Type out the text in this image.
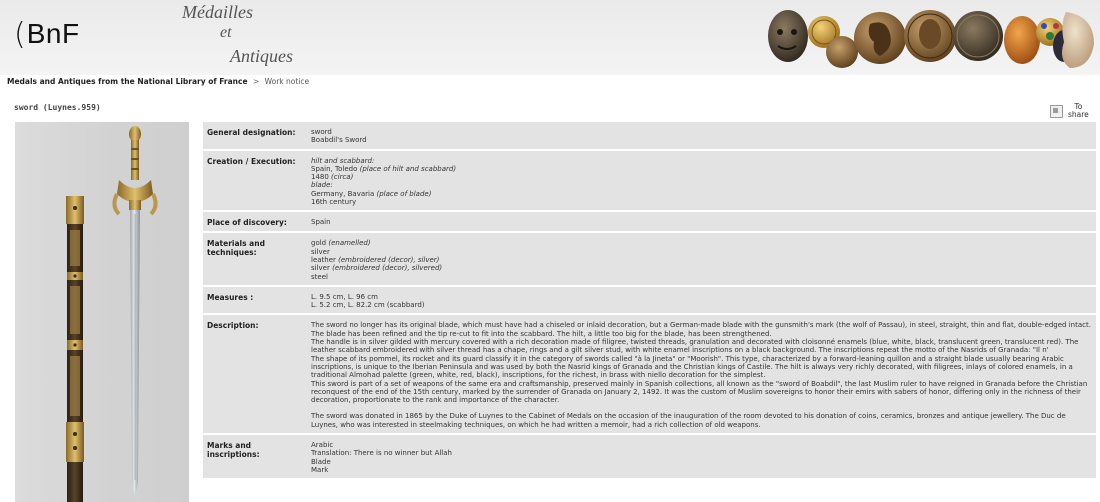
( BnF
Médailles
et
Antiques
Medals and Antiques from the National Library of France > Work notice
sword (Luynes.959)	To
share
General designation:	sword

Boabdil's Sword

Creation / Execution:	hilt and scabbard:

Spain, Toledo (place of hilt and scabbard)

1480 (circa)

blade:

Germany, Bavaria (place of blade)

16th century

Place of discovery:	Spain

Materials and techniques:

gold (enamelled)

silver

leather (embroidered (decor), silver)

silver (embroidered (decor), silvered)

steel

Measures :	L. 9.5 cm, L. 96 cm

L. 5.2 cm, L. 82.2 cm (scabbard)

Description:	The sword no longer has its original blade, which must have had a chiseled or inlaid decoration, but a German-made blade with the gunsmith's mark (the wolf of Passau), in steel, straight, thin and flat, double-edged intact. The blade has been refined and the tip re-cut to fit into the scabbard. The hilt, a little too big for the blade, has been strengthened.

The handle is in silver gilded with mercury covered with a rich decoration made of filigree, twisted threads, granulation and decorated with cloisonné enamels (blue, white, black, translucent green, translucent red). The leather scabbard embroidered with silver thread has a chape, rings and a gilt silver stud, with white enamel inscriptions on a black background. The inscriptions repeat the motto of the Nasrids of Granada: "Il n'

The shape of its pommel, its rocket and its guard classify it in the category of swords called "à la Jineta" or "Moorish". This type, characterized by a forward-leaning quillon and a straight blade usually bearing Arabic inscriptions, is unique to the Iberian Peninsula and was used by both the Nasrid kings of Granada and the Christian kings of Castile. The hilt is always very richly decorated, with filigrees, inlays of colored enamels, in a traditional Almohad palette (green, white, red, black), inscriptions, for the richest, in brass with niello decoration for the simplest.

This sword is part of a set of weapons of the same era and craftsmanship, preserved mainly in Spanish collections, all known as the "sword of Boabdil", the last Muslim ruler to have reigned in Granada before the Christian reconquest of the end of the 15th century, marked by the surrender of Granada on January 2, 1492. It was the custom of Muslim sovereigns to honor their emirs with sabers of honor, differing only in the richness of their decoration, proportionate to the rank and importance of the character.

The sword was donated in 1865 by the Duke of Luynes to the Cabinet of Medals on the occasion of the inauguration of the room devoted to his donation of coins, ceramics, bronzes and antique jewellery. The Duc de Luynes, who was interested in steelmaking techniques, on which he had written a memoir, had a rich collection of old weapons.

Marks and inscriptions:

Arabic

Translation: There is no winner but Allah

Blade

Mark
